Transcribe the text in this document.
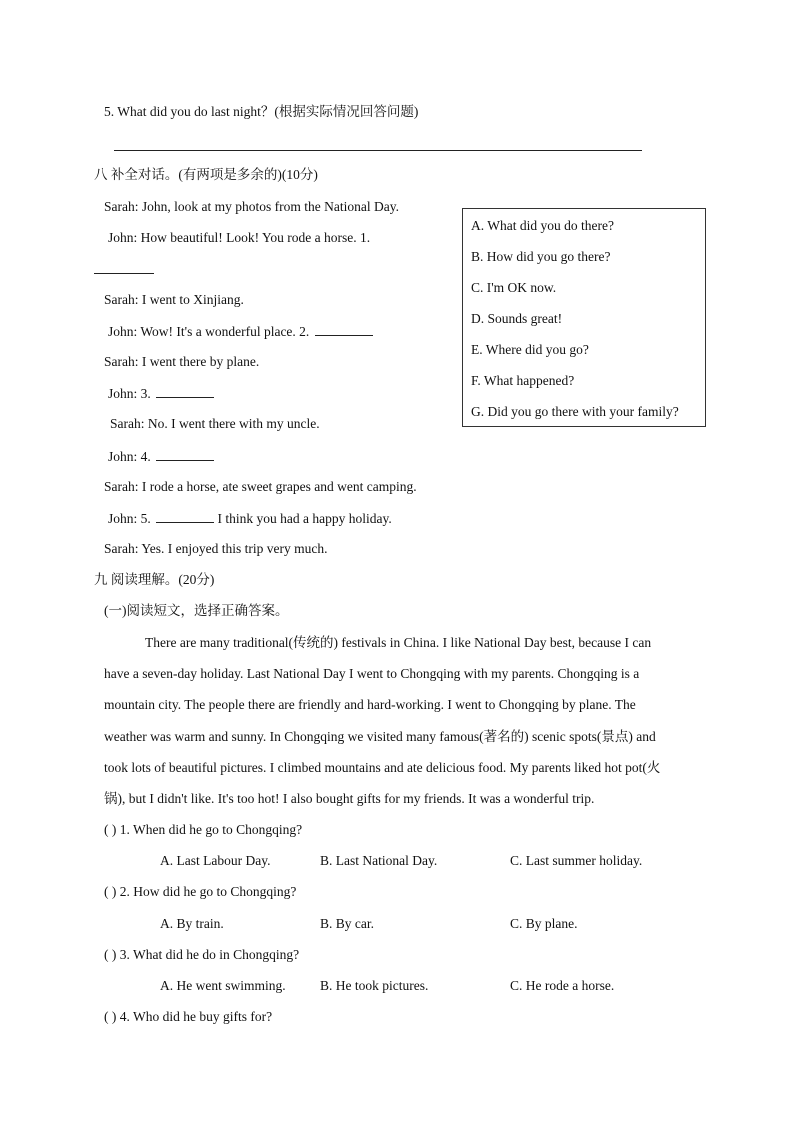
5. What did you do last night？(根据实际情况回答问题)
八 补全对话。(有两项是多余的)(10分)
Sarah: John, look at my photos from the National Day.
John: How beautiful! Look! You rode a horse. 1.
Sarah: I went to Xinjiang.
John: Wow! It's a wonderful place. 2.
Sarah: I went there by plane.
John: 3.
Sarah: No. I went there with my uncle.
John: 4.
Sarah: I rode a horse, ate sweet grapes and went camping.
John: 5.	I think you had a happy holiday.
Sarah: Yes. I enjoyed this trip very much.
A. What did you do there?
B. How did you go there?
C. I'm OK now.
D. Sounds great!
E. Where did you go?
F. What happened?
G. Did you go there with your family?
九 阅读理解。(20分)
(一)阅读短文，选择正确答案。
There are many traditional(传统的) festivals in China. I like National Day best, because I can
have a seven-day holiday. Last National Day I went to Chongqing with my parents. Chongqing is a
mountain city. The people there are friendly and hard-working. I went to Chongqing by plane. The
weather was warm and sunny. In Chongqing we visited many famous(著名的) scenic spots(景点) and
took lots of beautiful pictures. I climbed mountains and ate delicious food. My parents liked hot pot(火
锅), but I didn't like. It's too hot! I also bought gifts for my friends. It was a wonderful trip.
( ) 1. When did he go to Chongqing?
A. Last Labour Day.	B. Last National Day.	C. Last summer holiday.
( ) 2. How did he go to Chongqing?
A. By train.	B. By car.	C. By plane.
( ) 3. What did he do in Chongqing?
A. He went swimming.	B. He took pictures.	C. He rode a horse.
( ) 4. Who did he buy gifts for?
